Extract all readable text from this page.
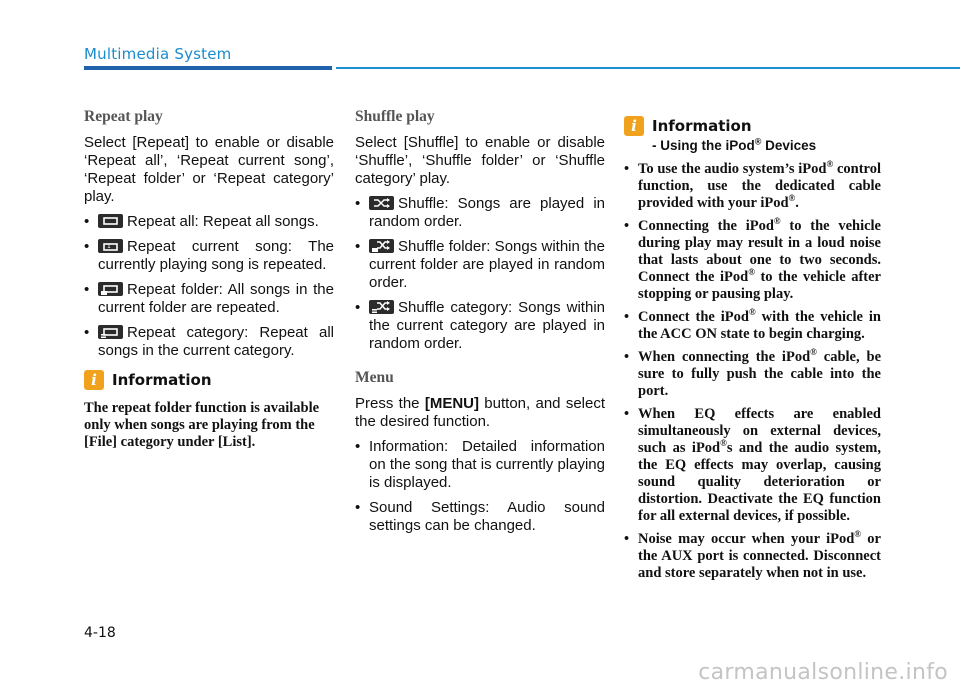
Multimedia System
Repeat play

Select [Repeat] to enable or disable ‘Repeat all’, ‘Repeat current song’, ‘Repeat folder’ or ‘Repeat category’ play.

• Repeat all: Repeat all songs.
• 1 Repeat current song: The currently playing song is repeated.
• Repeat folder: All songs in the current folder are repeated.
• Repeat category: Repeat all songs in the current category.
i	Information

The repeat folder function is available only when songs are playing from the [File] category under [List].

Shuffle play

Select [Shuffle] to enable or disable ‘Shuffle’, ‘Shuffle folder’ or ‘Shuffle category’ play.

• Shuffle: Songs are played in random order.
• Shuffle folder: Songs within the current folder are played in random order.
• Shuffle category: Songs within the current category are played in random order.
Menu

Press the [MENU] button, and select the desired function.

• Information: Detailed information on the song that is currently playing is displayed.
• Sound Settings: Audio sound settings can be changed.
i	Information
- Using the iPod® Devices
• To use the audio system’s iPod® control function, use the dedicated cable provided with your iPod®.
• Connecting the iPod® to the vehicle during play may result in a loud noise that lasts about one to two seconds. Connect the iPod® to the vehicle after stopping or pausing play.
• Connect the iPod® with the vehicle in the ACC ON state to begin charging.
• When connecting the iPod® cable, be sure to fully push the cable into the port.
• When EQ effects are enabled simultaneously on external devices, such as iPod®s and the audio system, the EQ effects may overlap, causing sound quality deterioration or distortion. Deactivate the EQ function for all external devices, if possible.
• Noise may occur when your iPod® or the AUX port is connected. Disconnect and store separately when not in use.
4-18
carmanualsonline.info
